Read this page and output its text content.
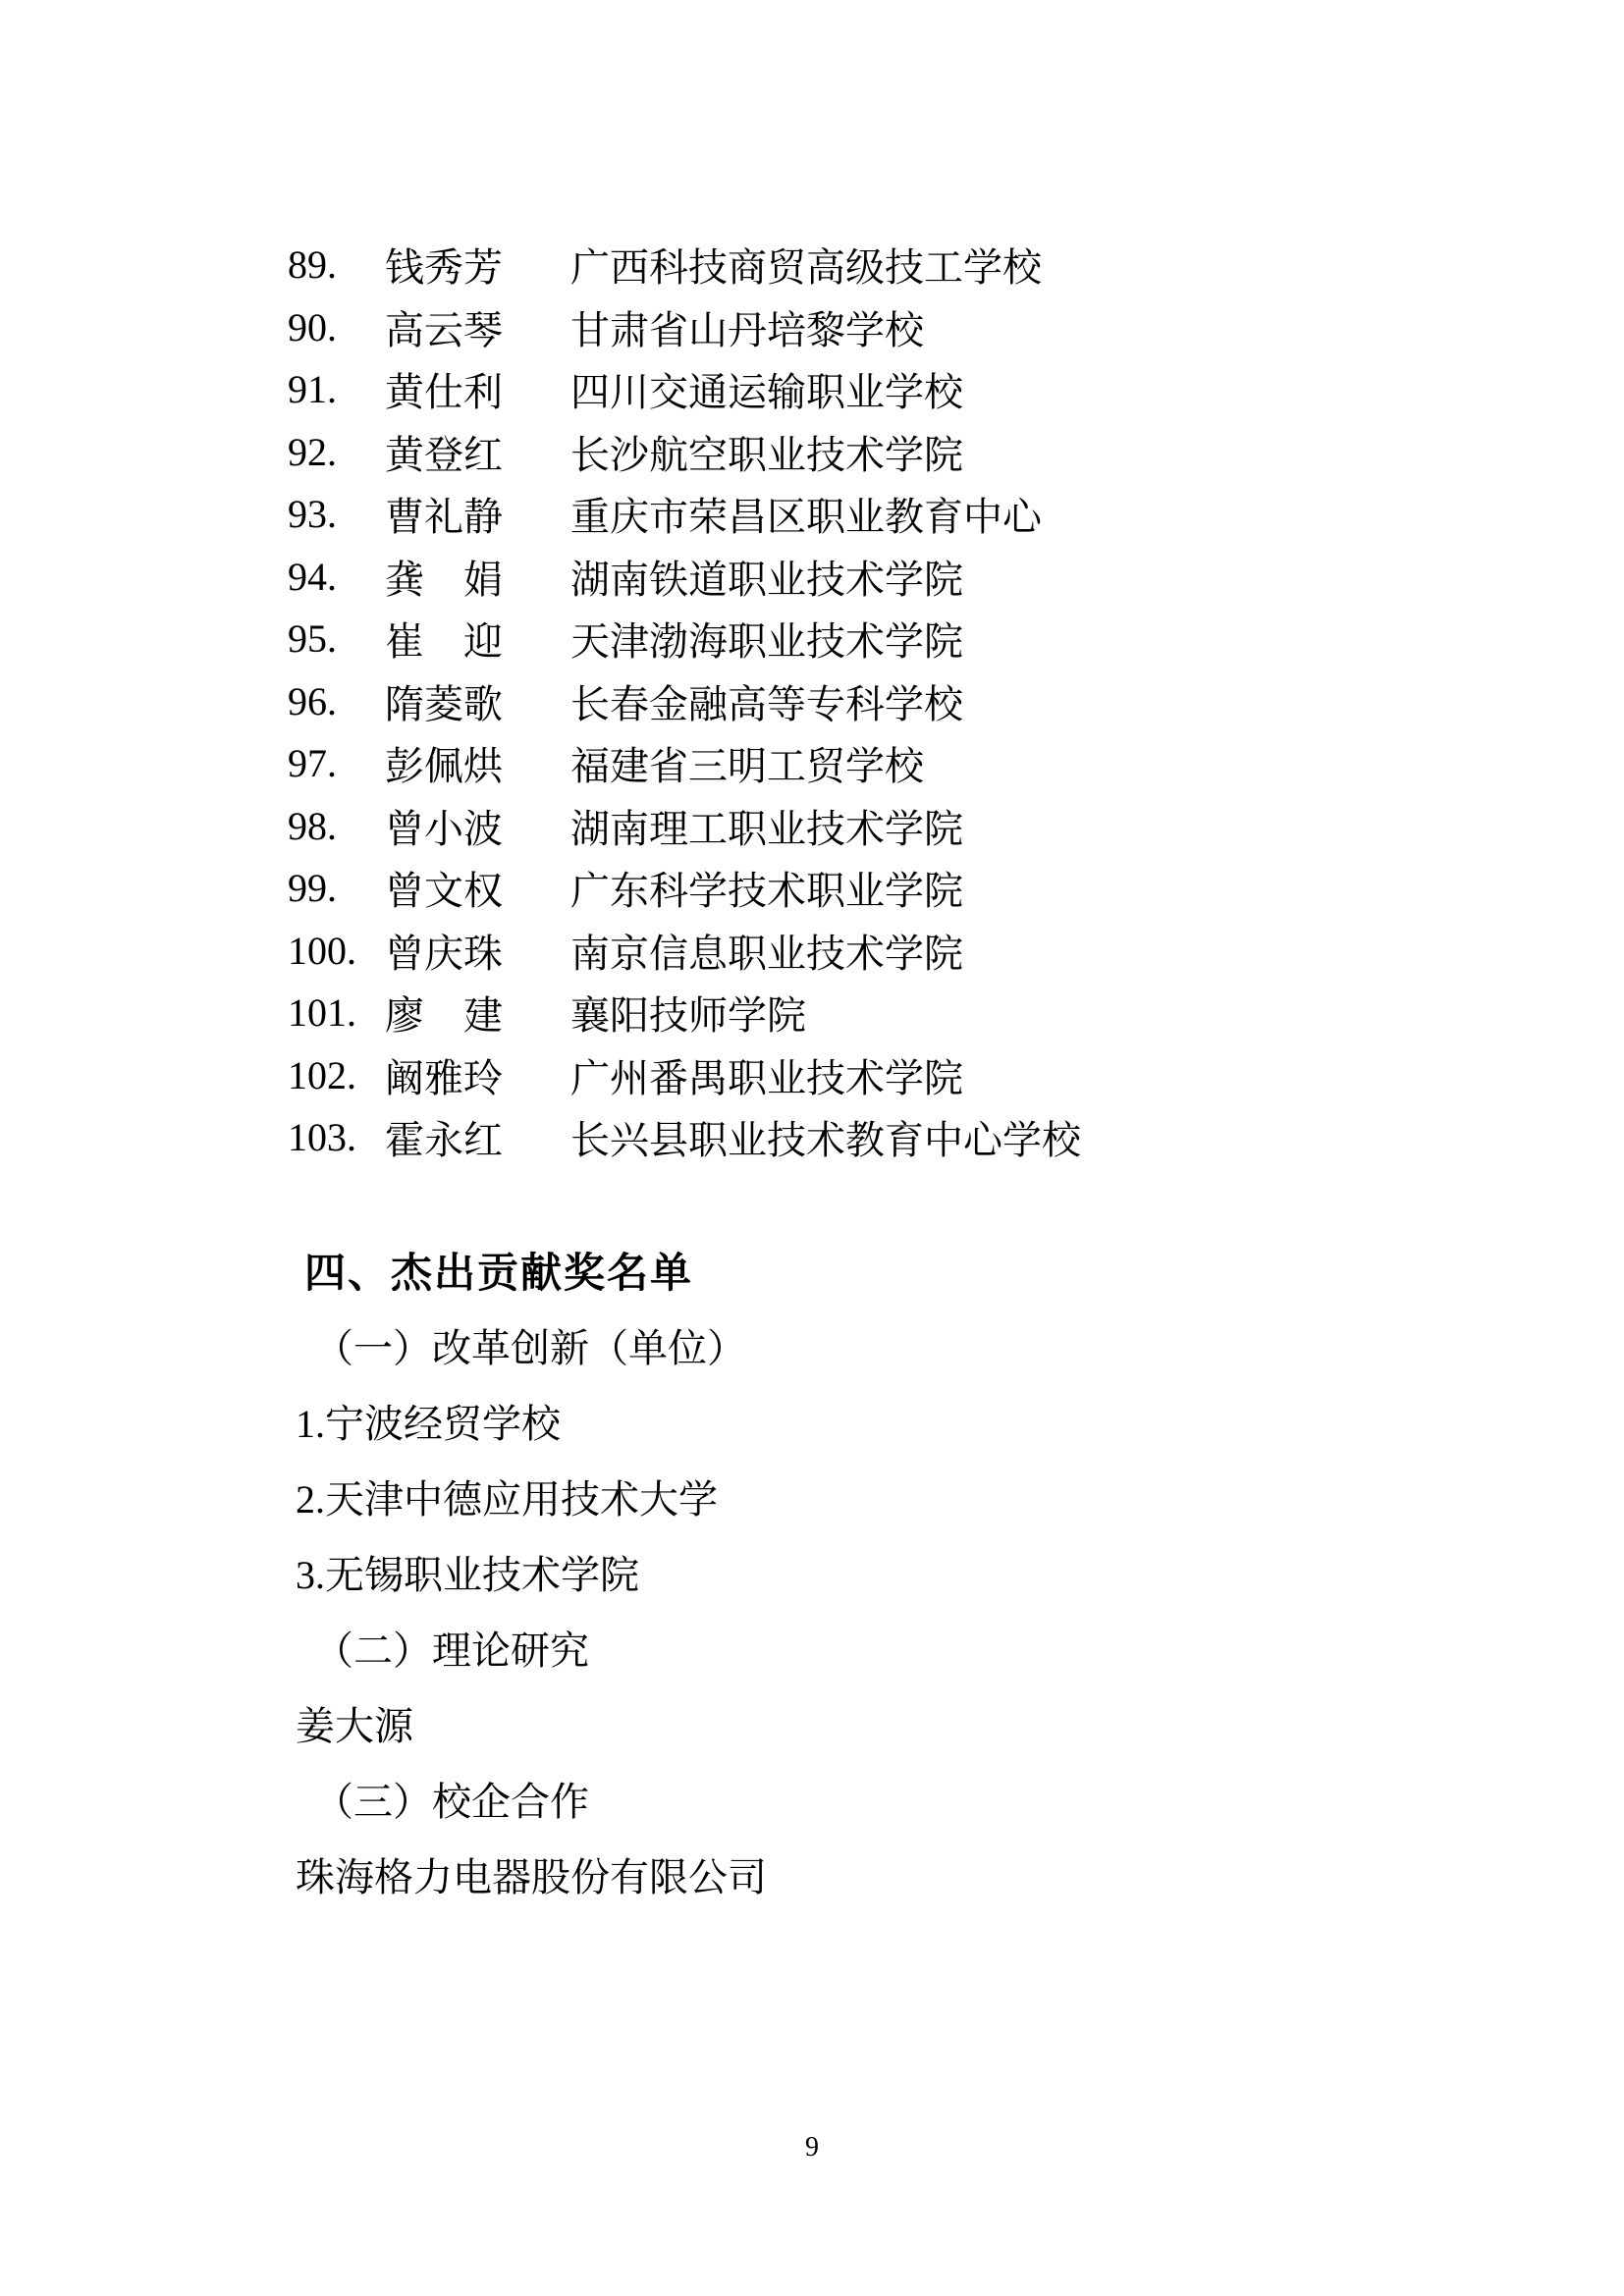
89.	钱秀芳	广西科技商贸高级技工学校
90.	高云琴	甘肃省山丹培黎学校
91.	黄仕利	四川交通运输职业学校
92.	黄登红	长沙航空职业技术学院
93.	曹礼静	重庆市荣昌区职业教育中心
94.	龚　娟	湖南铁道职业技术学院
95.	崔　迎	天津渤海职业技术学院
96.	隋菱歌	长春金融高等专科学校
97.	彭佩烘	福建省三明工贸学校
98.	曾小波	湖南理工职业技术学院
99.	曾文权	广东科学技术职业学院
100. 曾庆珠	南京信息职业技术学院
101. 廖　建	襄阳技师学院
102. 阚雅玲	广州番禺职业技术学院
103. 霍永红	长兴县职业技术教育中心学校
四、杰出贡献奖名单
（一）改革创新（单位）
1.宁波经贸学校
2.天津中德应用技术大学
3.无锡职业技术学院
（二）理论研究
姜大源
（三）校企合作
珠海格力电器股份有限公司
9
